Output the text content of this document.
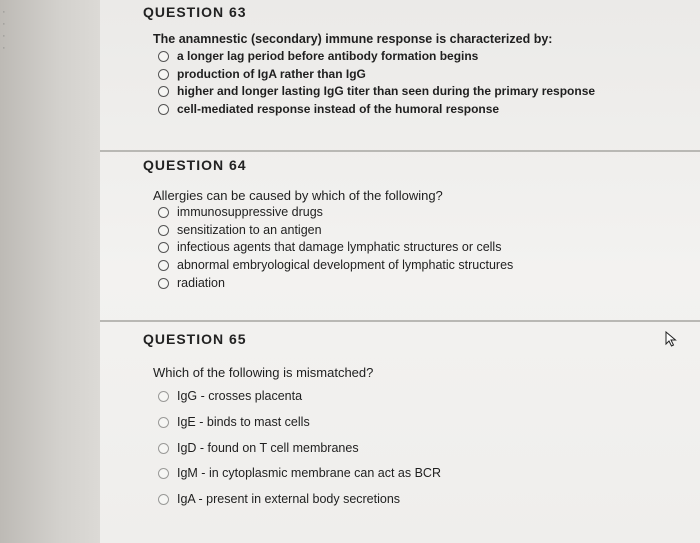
·
·
·
·
QUESTION 63
The anamnestic (secondary) immune response is characterized by:
a longer lag period before antibody formation begins
production of IgA rather than IgG
higher and longer lasting IgG titer than seen during the primary response
cell-mediated response instead of the humoral response
QUESTION 64
Allergies can be caused by which of the following?
immunosuppressive drugs
sensitization to an antigen
infectious agents that damage lymphatic structures or cells
abnormal embryological development of lymphatic structures
radiation
QUESTION 65
Which of the following is mismatched?
IgG - crosses placenta
IgE - binds to mast cells
IgD - found on T cell membranes
IgM - in cytoplasmic membrane can act as BCR
IgA - present in external body secretions
